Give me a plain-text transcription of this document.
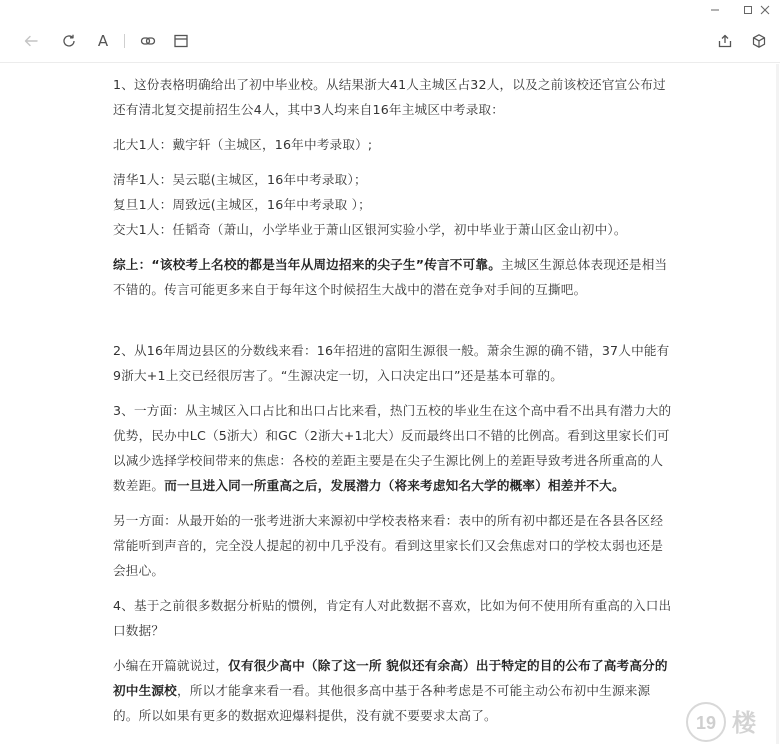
A

1、这份表格明确给出了初中毕业校。从结果浙大41人主城区占32人，以及之前该校还官宣公布过还有清北复交提前招生公4人，其中3人均来自16年主城区中考录取：

北大1人：戴宇轩（主城区，16年中考录取）;

清华1人：吴云聪(主城区，16年中考录取）；

复旦1人：周致远(主城区，16年中考录取 ）；

交大1人：任韬奇（萧山，小学毕业于萧山区银河实验小学，初中毕业于萧山区金山初中）。

综上：“该校考上名校的都是当年从周边招来的尖子生”传言不可靠。主城区生源总体表现还是相当不错的。传言可能更多来自于每年这个时候招生大战中的潜在竞争对手间的互撕吧。

2、从16年周边县区的分数线来看：16年招进的富阳生源很一般。萧余生源的确不错，37人中能有9浙大+1上交已经很厉害了。“生源决定一切，入口决定出口”还是基本可靠的。

3、一方面：从主城区入口占比和出口占比来看，热门五校的毕业生在这个高中看不出具有潜力大的优势，民办中LC（5浙大）和GC（2浙大+1北大）反而最终出口不错的比例高。看到这里家长们可以减少选择学校间带来的焦虑：各校的差距主要是在尖子生源比例上的差距导致考进各所重高的人数差距。而一旦进入同一所重高之后，发展潜力（将来考虑知名大学的概率）相差并不大。

另一方面：从最开始的一张考进浙大来源初中学校表格来看：表中的所有初中都还是在各县各区经常能听到声音的，完全没人提起的初中几乎没有。看到这里家长们又会焦虑对口的学校太弱也还是会担心。

4、基于之前很多数据分析贴的惯例，肯定有人对此数据不喜欢，比如为何不使用所有重高的入口出口数据？

小编在开篇就说过，仅有很少高中（除了这一所 貌似还有余高）出于特定的目的公布了高考高分的初中生源校，所以才能拿来看一看。其他很多高中基于各种考虑是不可能主动公布初中生源来源的。所以如果有更多的数据欢迎爆料提供，没有就不要要求太高了。	19 楼
